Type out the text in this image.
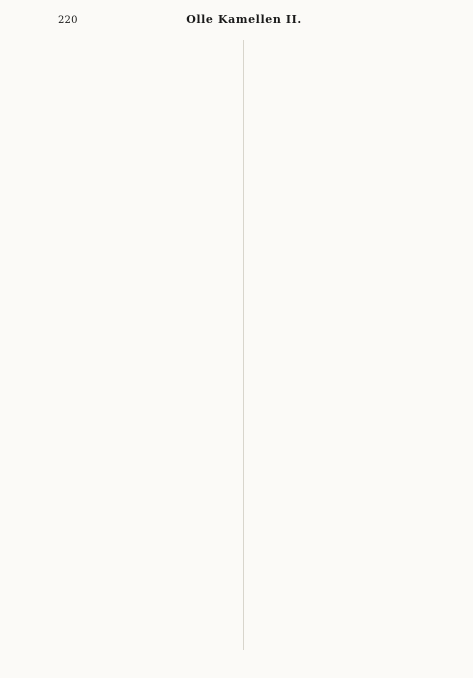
220	Olle Kamellen II.
